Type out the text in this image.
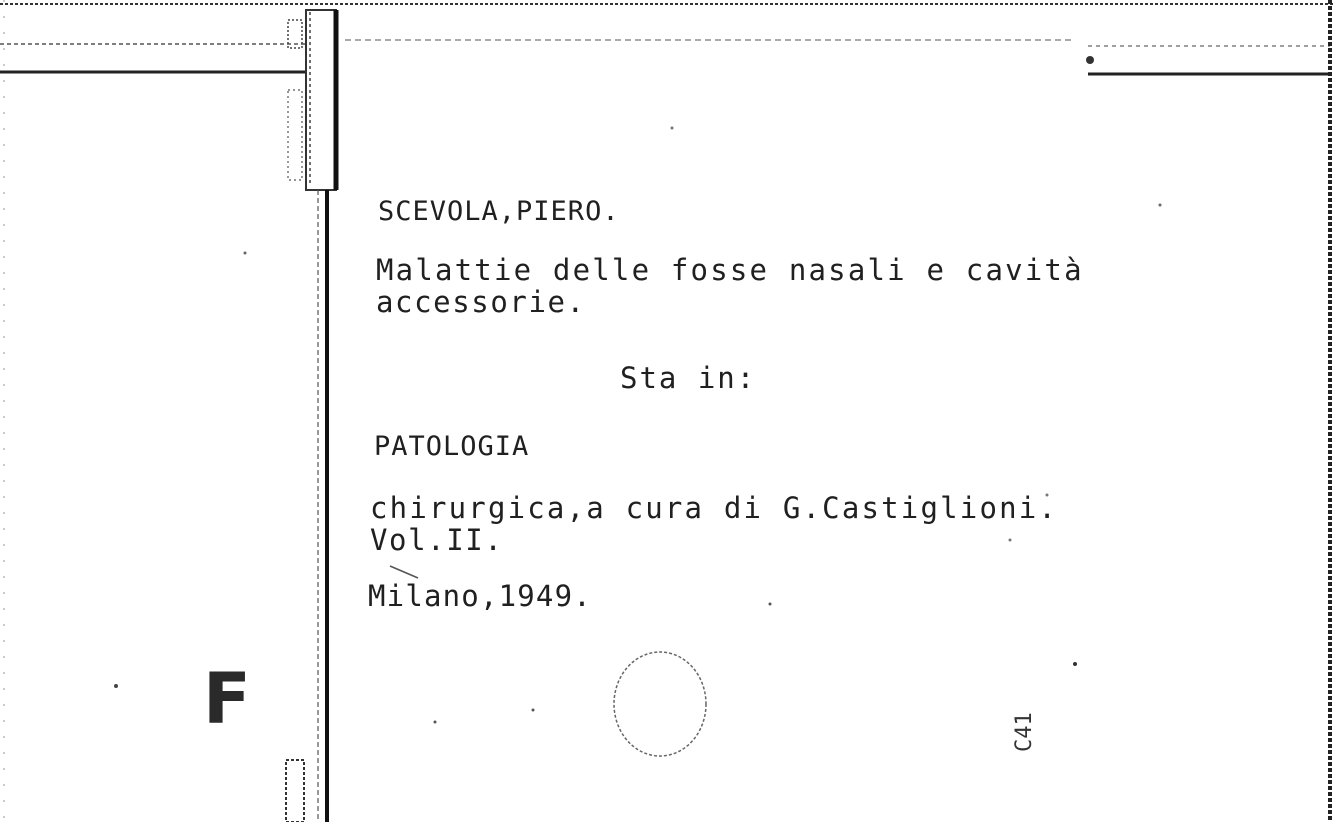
SCEVOLA,PIERO.
Malattie delle fosse nasali e cavità
accessorie.
Sta in:
PATOLOGIA
chirurgica,a cura di G.Castiglioni.
Vol.II.
Milano,1949.
F	C41
